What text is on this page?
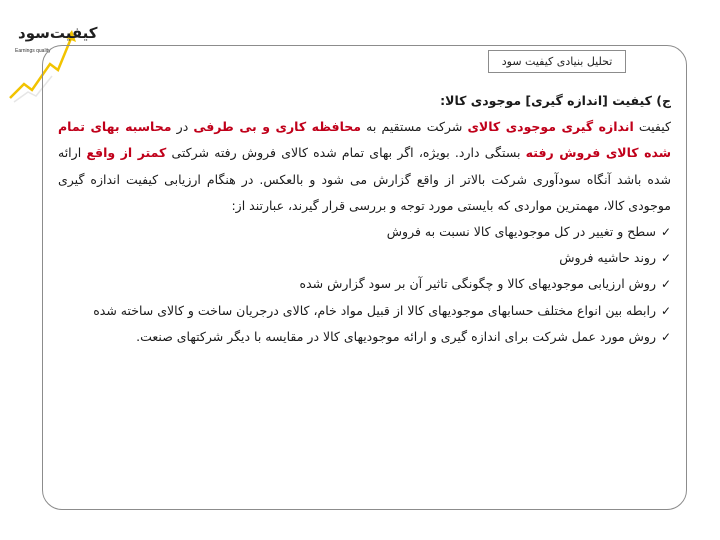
کیفیت‌سود
Earnings quality
تحلیل بنیادی کیفیت سود

ج) کیفیت [اندازه گیری] موجودی کالا:

کیفیت اندازه گیری موجودی کالای شرکت مستقیم به محافظه کاری و بی طرفی در محاسبه بهای تمام شده کالای فروش رفته بستگی دارد. بویژه، اگر بهای تمام شده کالای فروش رفته شرکتی کمتر از واقع ارائه شده باشد آنگاه سودآوری شرکت بالاتر از واقع گزارش می شود و بالعکس. در هنگام ارزیابی کیفیت اندازه گیری موجودی کالا، مهمترین مواردی که بایستی مورد توجه و بررسی قرار گیرند، عبارتند از:

✓سطح و تغییر در کل موجودیهای کالا نسبت به فروش

✓روند حاشیه فروش

✓روش ارزیابی موجودیهای کالا و چگونگی تاثیر آن بر سود گزارش شده

✓رابطه بین انواع مختلف حسابهای موجودیهای کالا از قبیل مواد خام، کالای درجریان ساخت و کالای ساخته شده

✓روش مورد عمل شرکت برای اندازه گیری و ارائه موجودیهای کالا در مقایسه با دیگر شرکتهای صنعت.
